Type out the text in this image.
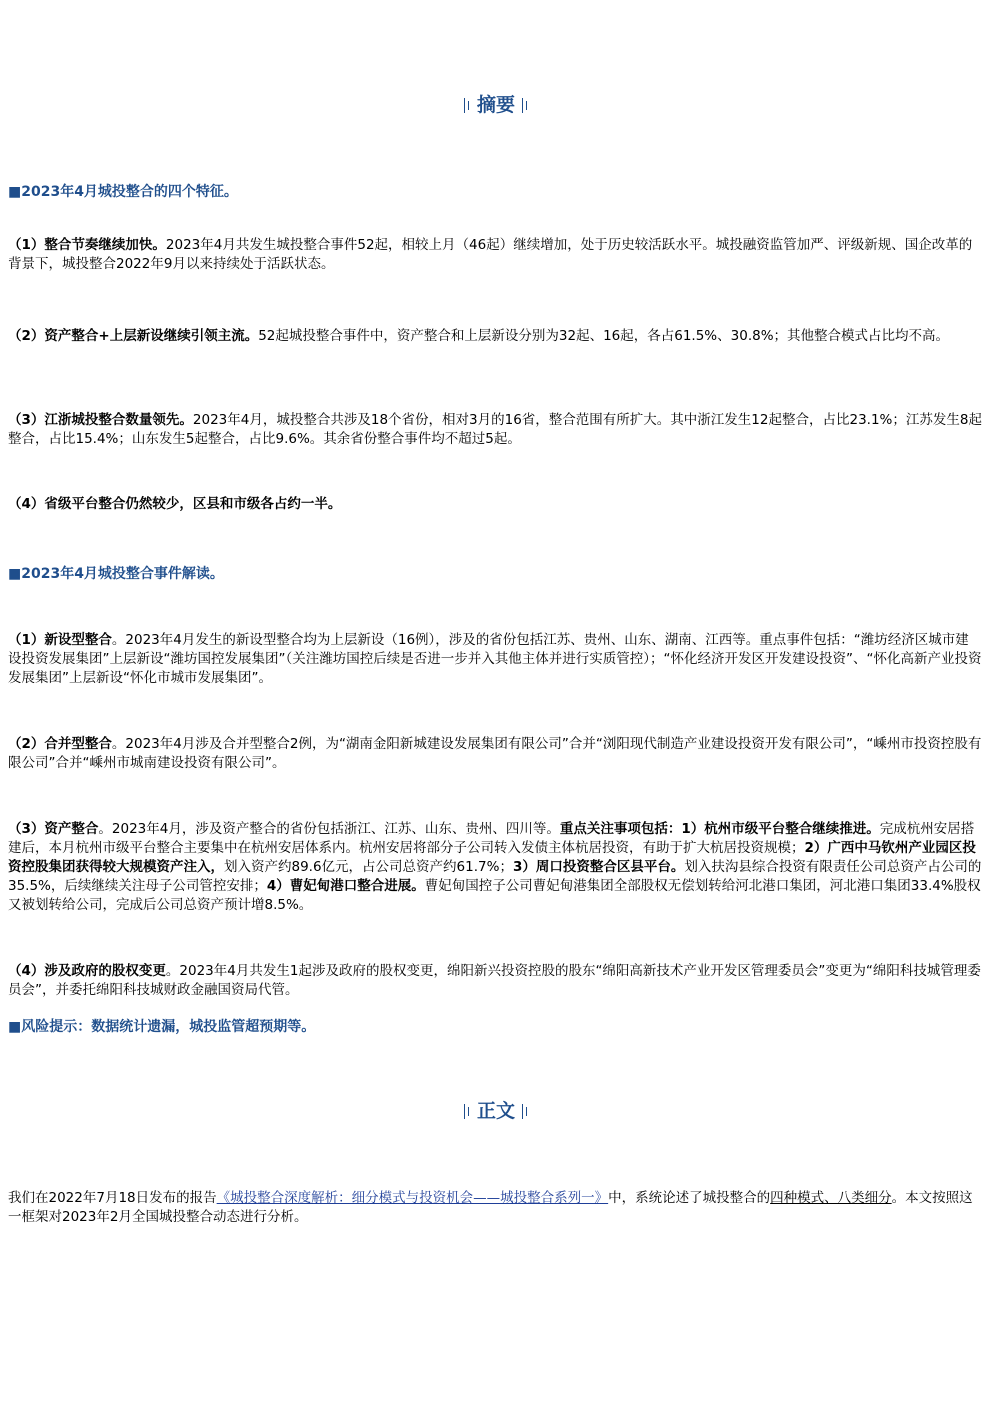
摘要
■2023年4月城投整合的四个特征。
（1）整合节奏继续加快。2023年4月共发生城投整合事件52起，相较上月（46起）继续增加，处于历史较活跃水平。城投融资监管加严、评级新规、国企改革的背景下，城投整合2022年9月以来持续处于活跃状态。
（2）资产整合+上层新设继续引领主流。52起城投整合事件中，资产整合和上层新设分别为32起、16起，各占61.5%、30.8%；其他整合模式占比均不高。
（3）江浙城投整合数量领先。2023年4月，城投整合共涉及18个省份，相对3月的16省，整合范围有所扩大。其中浙江发生12起整合，占比23.1%；江苏发生8起整合，占比15.4%；山东发生5起整合，占比9.6%。其余省份整合事件均不超过5起。
（4）省级平台整合仍然较少，区县和市级各占约一半。
■2023年4月城投整合事件解读。
（1）新设型整合。2023年4月发生的新设型整合均为上层新设（16例），涉及的省份包括江苏、贵州、山东、湖南、江西等。重点事件包括：“潍坊经济区城市建设投资发展集团”上层新设“潍坊国控发展集团”（关注潍坊国控后续是否进一步并入其他主体并进行实质管控）；“怀化经济开发区开发建设投资”、“怀化高新产业投资发展集团”上层新设“怀化市城市发展集团”。
（2）合并型整合。2023年4月涉及合并型整合2例，为“湖南金阳新城建设发展集团有限公司”合并“浏阳现代制造产业建设投资开发有限公司”，“嵊州市投资控股有限公司”合并“嵊州市城南建设投资有限公司”。
（3）资产整合。2023年4月，涉及资产整合的省份包括浙江、江苏、山东、贵州、四川等。重点关注事项包括：1）杭州市级平台整合继续推进。完成杭州安居搭建后，本月杭州市级平台整合主要集中在杭州安居体系内。杭州安居将部分子公司转入发债主体杭居投资，有助于扩大杭居投资规模；2）广西中马钦州产业园区投资控股集团获得较大规模资产注入，划入资产约89.6亿元，占公司总资产约61.7%；3）周口投资整合区县平台。划入扶沟县综合投资有限责任公司总资产占公司的35.5%，后续继续关注母子公司管控安排；4）曹妃甸港口整合进展。曹妃甸国控子公司曹妃甸港集团全部股权无偿划转给河北港口集团，河北港口集团33.4%股权又被划转给公司，完成后公司总资产预计增8.5%。
（4）涉及政府的股权变更。2023年4月共发生1起涉及政府的股权变更，绵阳新兴投资控股的股东“绵阳高新技术产业开发区管理委员会”变更为“绵阳科技城管理委员会”，并委托绵阳科技城财政金融国资局代管。
■风险提示：数据统计遗漏，城投监管超预期等。
正文
我们在2022年7月18日发布的报告《城投整合深度解析：细分模式与投资机会——城投整合系列一》中，系统论述了城投整合的四种模式、八类细分。本文按照这一框架对2023年2月全国城投整合动态进行分析。
